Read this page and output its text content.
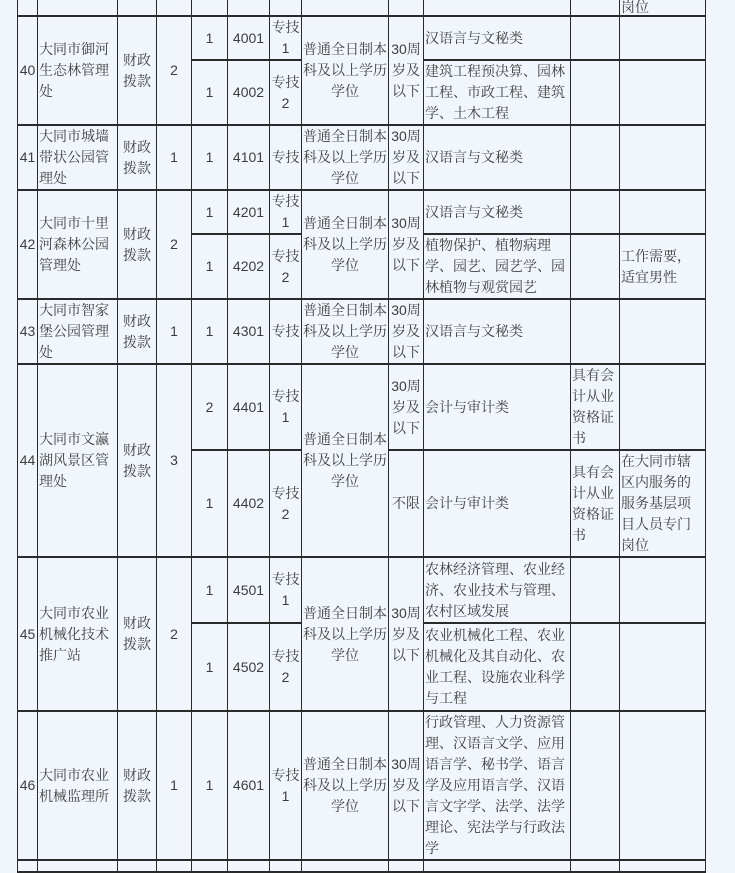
											岗位
40	大同市御河生态林管理处	财政拨款	2	1	4001	专技1	普通全日制本科及以上学历学位	30周岁及以下	汉语言与文秘类		
				1	4002	专技2			建筑工程预决算、园林工程、市政工程、建筑学、土木工程		
41	大同市城墙带状公园管理处	财政拨款	1	1	4101	专技	普通全日制本科及以上学历学位	30周岁及以下	汉语言与文秘类		
42	大同市十里河森林公园管理处	财政拨款	2	1	4201	专技1	普通全日制本科及以上学历学位	30周岁及以下	汉语言与文秘类		
				1	4202	专技2			植物保护、植物病理学、园艺、园艺学、园林植物与观赏园艺		工作需要，适宜男性
43	大同市智家堡公园管理处	财政拨款	1	1	4301	专技	普通全日制本科及以上学历学位	30周岁及以下	汉语言与文秘类		
44	大同市文瀛湖风景区管理处	财政拨款	3	2	4401	专技1	普通全日制本科及以上学历学位	30周岁及以下	会计与审计类	具有会计从业资格证书	
				1	4402	专技2		不限	会计与审计类	具有会计从业资格证书	在大同市辖区内服务的服务基层项目人员专门岗位
45	大同市农业机械化技术推广站	财政拨款	2	1	4501	专技1	普通全日制本科及以上学历学位	30周岁及以下	农林经济管理、农业经济、农业技术与管理、农村区域发展		
				1	4502	专技2			农业机械化工程、农业机械化及其自动化、农业工程、设施农业科学与工程		
46	大同市农业机械监理所	财政拨款	1	1	4601	专技1	普通全日制本科及以上学历学位	30周岁及以下	行政管理、人力资源管理、汉语言文学、应用语言学、秘书学、语言学及应用语言学、汉语言文字学、法学、法学理论、宪法学与行政法学		
